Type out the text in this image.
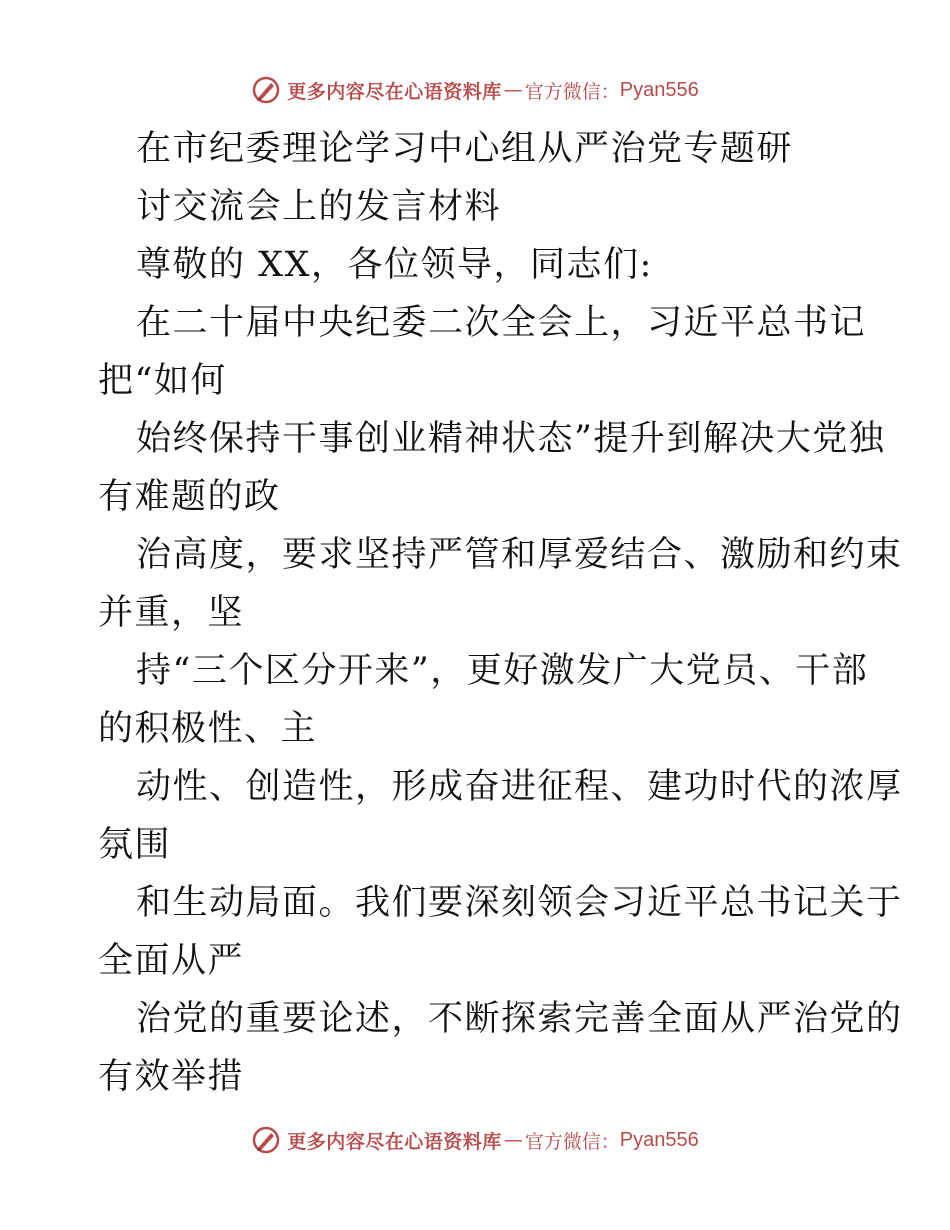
更多内容尽在心语资料库 — 官方微信： Pyan556
在市纪委理论学习中心组从严治党专题研
讨交流会上的发言材料
尊敬的 XX，各位领导，同志们:
在二十届中央纪委二次全会上，习近平总书记
把“如何
始终保持干事创业精神状态”提升到解决大党独
有难题的政
治高度，要求坚持严管和厚爱结合、激励和约束
并重，坚
持“三个区分开来”，更好激发广大党员、干部
的积极性、主
动性、创造性，形成奋进征程、建功时代的浓厚
氛围
和生动局面。我们要深刻领会习近平总书记关于
全面从严
治党的重要论述，不断探索完善全面从严治党的
有效举措
更多内容尽在心语资料库 — 官方微信： Pyan556
